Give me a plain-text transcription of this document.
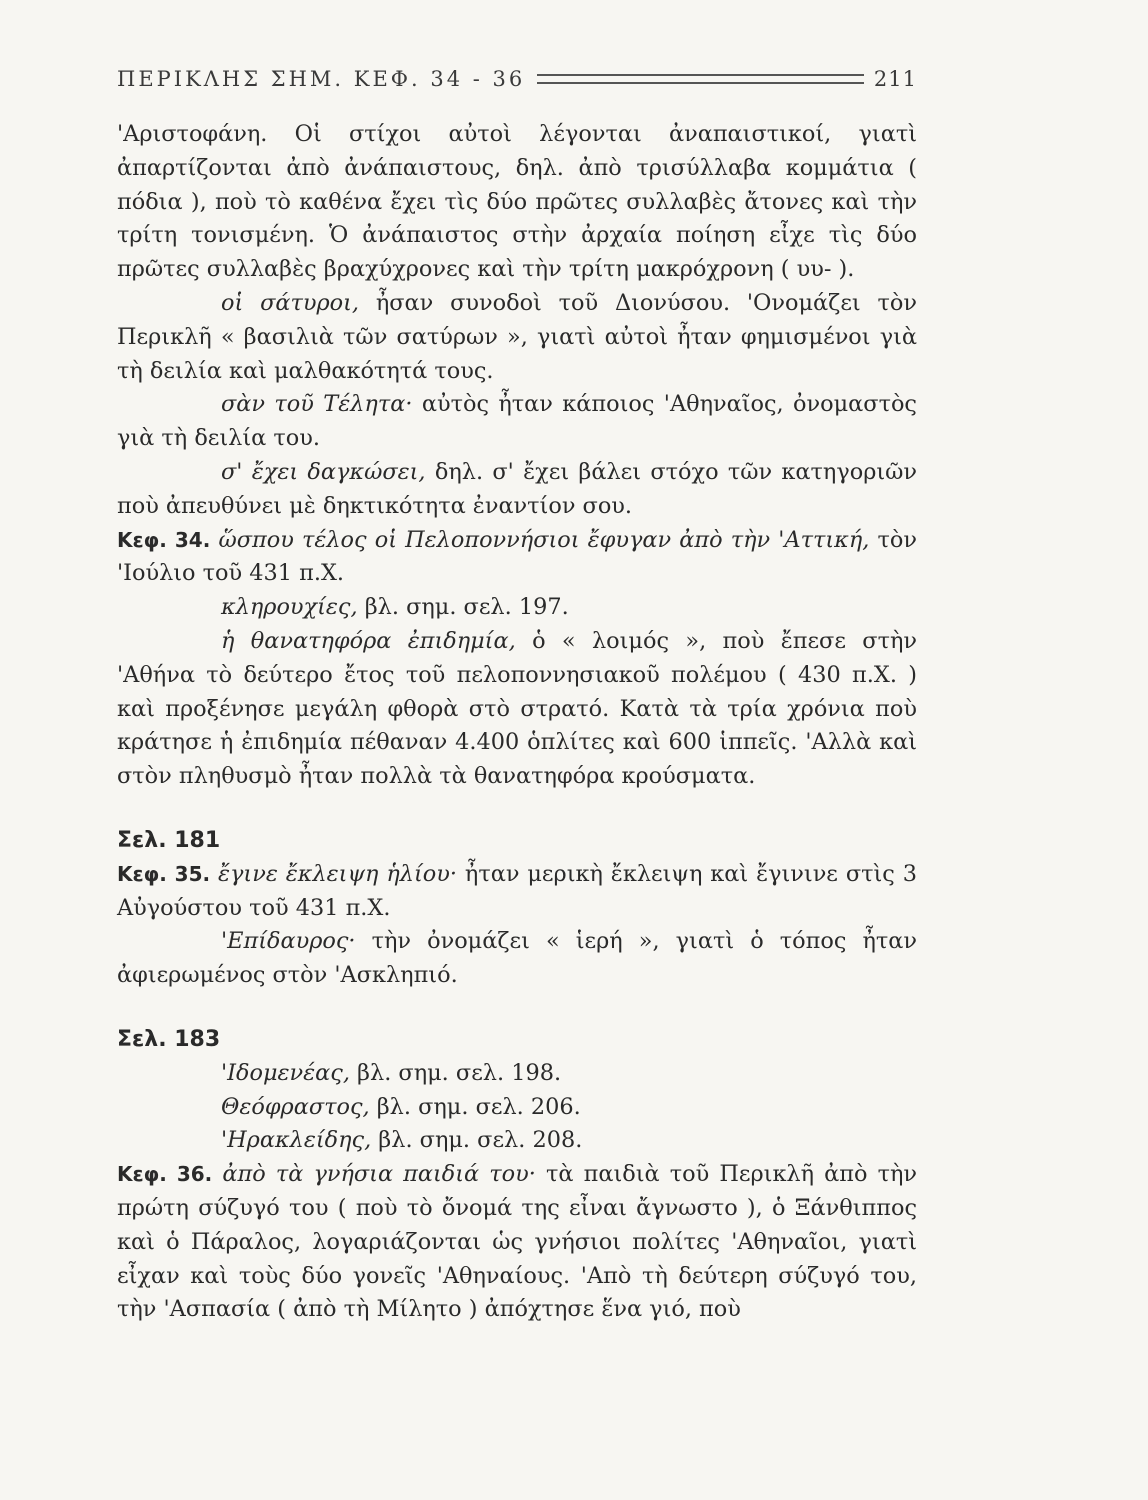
ΠΕΡΙΚΛΗΣ ΣΗΜ. ΚΕΦ. 34 - 36	211

'Αριστοφάνη. Οἱ στίχοι αὐτοὶ λέγονται ἀναπαιστικοί, γιατὶ ἀπαρτίζονται ἀπὸ ἀνάπαιστους, δηλ. ἀπὸ τρισύλλαβα κομμάτια ( πόδια ), ποὺ τὸ καθένα ἔχει τὶς δύο πρῶτες συλλαβὲς ἄτονες καὶ τὴν τρίτη τονισμένη. Ὁ ἀνάπαιστος στὴν ἀρχαία ποίηση εἶχε τὶς δύο πρῶτες συλλαβὲς βραχύχρονες καὶ τὴν τρίτη μακρόχρονη ( υυ- ).

οἱ σάτυροι, ἦσαν συνοδοὶ τοῦ Διονύσου. 'Ονομάζει τὸν Περικλῆ « βασιλιὰ τῶν σατύρων », γιατὶ αὐτοὶ ἦταν φημισμένοι γιὰ τὴ δειλία καὶ μαλθακότητά τους.

σὰν τοῦ Τέλητα· αὐτὸς ἦταν κάποιος 'Αθηναῖος, ὀνομαστὸς γιὰ τὴ δειλία του.

σ' ἔχει δαγκώσει, δηλ. σ' ἔχει βάλει στόχο τῶν κατηγοριῶν ποὺ ἀπευθύνει μὲ δηκτικότητα ἐναντίον σου.

Κεφ. 34. ὥσπου τέλος οἱ Πελοποννήσιοι ἔφυγαν ἀπὸ τὴν 'Αττική, τὸν 'Ιούλιο τοῦ 431 π.Χ.

κληρουχίες, βλ. σημ. σελ. 197.

ἡ θανατηφόρα ἐπιδημία, ὁ « λοιμός », ποὺ ἔπεσε στὴν 'Αθήνα τὸ δεύτερο ἔτος τοῦ πελοποννησιακοῦ πολέμου ( 430 π.Χ. ) καὶ προξένησε μεγάλη φθορὰ στὸ στρατό. Κατὰ τὰ τρία χρόνια ποὺ κράτησε ἡ ἐπιδημία πέθαναν 4.400 ὁπλίτες καὶ 600 ἱππεῖς. 'Αλλὰ καὶ στὸν πληθυσμὸ ἦταν πολλὰ τὰ θανατηφόρα κρούσματα.

Σελ. 181

Κεφ. 35. ἔγινε ἔκλειψη ἡλίου· ἦταν μερικὴ ἔκλειψη καὶ ἔγινινε στὶς 3 Αὐγούστου τοῦ 431 π.Χ.

'Επίδαυρος· τὴν ὀνομάζει « ἱερή », γιατὶ ὁ τόπος ἦταν ἀφιερωμένος στὸν 'Ασκληπιό.

Σελ. 183

'Ιδομενέας, βλ. σημ. σελ. 198.

Θεόφραστος, βλ. σημ. σελ. 206.

'Ηρακλείδης, βλ. σημ. σελ. 208.

Κεφ. 36. ἀπὸ τὰ γνήσια παιδιά του· τὰ παιδιὰ τοῦ Περικλῆ ἀπὸ τὴν πρώτη σύζυγό του ( ποὺ τὸ ὄνομά της εἶναι ἄγνωστο ), ὁ Ξάνθιππος καὶ ὁ Πάραλος, λογαριάζονται ὡς γνήσιοι πολίτες 'Αθηναῖοι, γιατὶ εἶχαν καὶ τοὺς δύο γονεῖς 'Αθηναίους. 'Απὸ τὴ δεύτερη σύζυγό του, τὴν 'Ασπασία ( ἀπὸ τὴ Μίλητο ) ἀπόχτησε ἕνα γιό, ποὺ
